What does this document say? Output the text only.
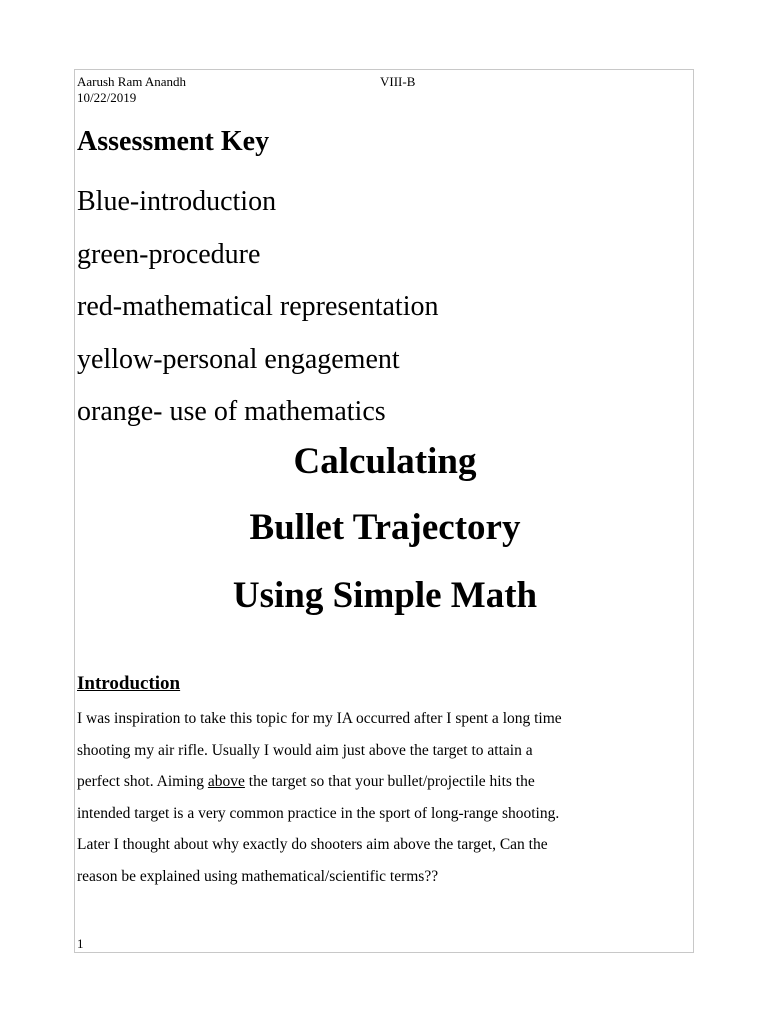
Aarush Ram Anandh	VIII-B
10/22/2019
Assessment Key
Blue-introduction
green-procedure
red-mathematical representation
yellow-personal engagement
orange- use of mathematics
Calculating
Bullet Trajectory
Using Simple Math
Introduction

I was inspiration to take this topic for my IA occurred after I spent a long time
shooting my air rifle. Usually I would aim just above the target to attain a
perfect shot. Aiming above the target so that your bullet/projectile hits the
intended target is a very common practice in the sport of long-range shooting.
Later I thought about why exactly do shooters aim above the target, Can the
reason be explained using mathematical/scientific terms??

1
